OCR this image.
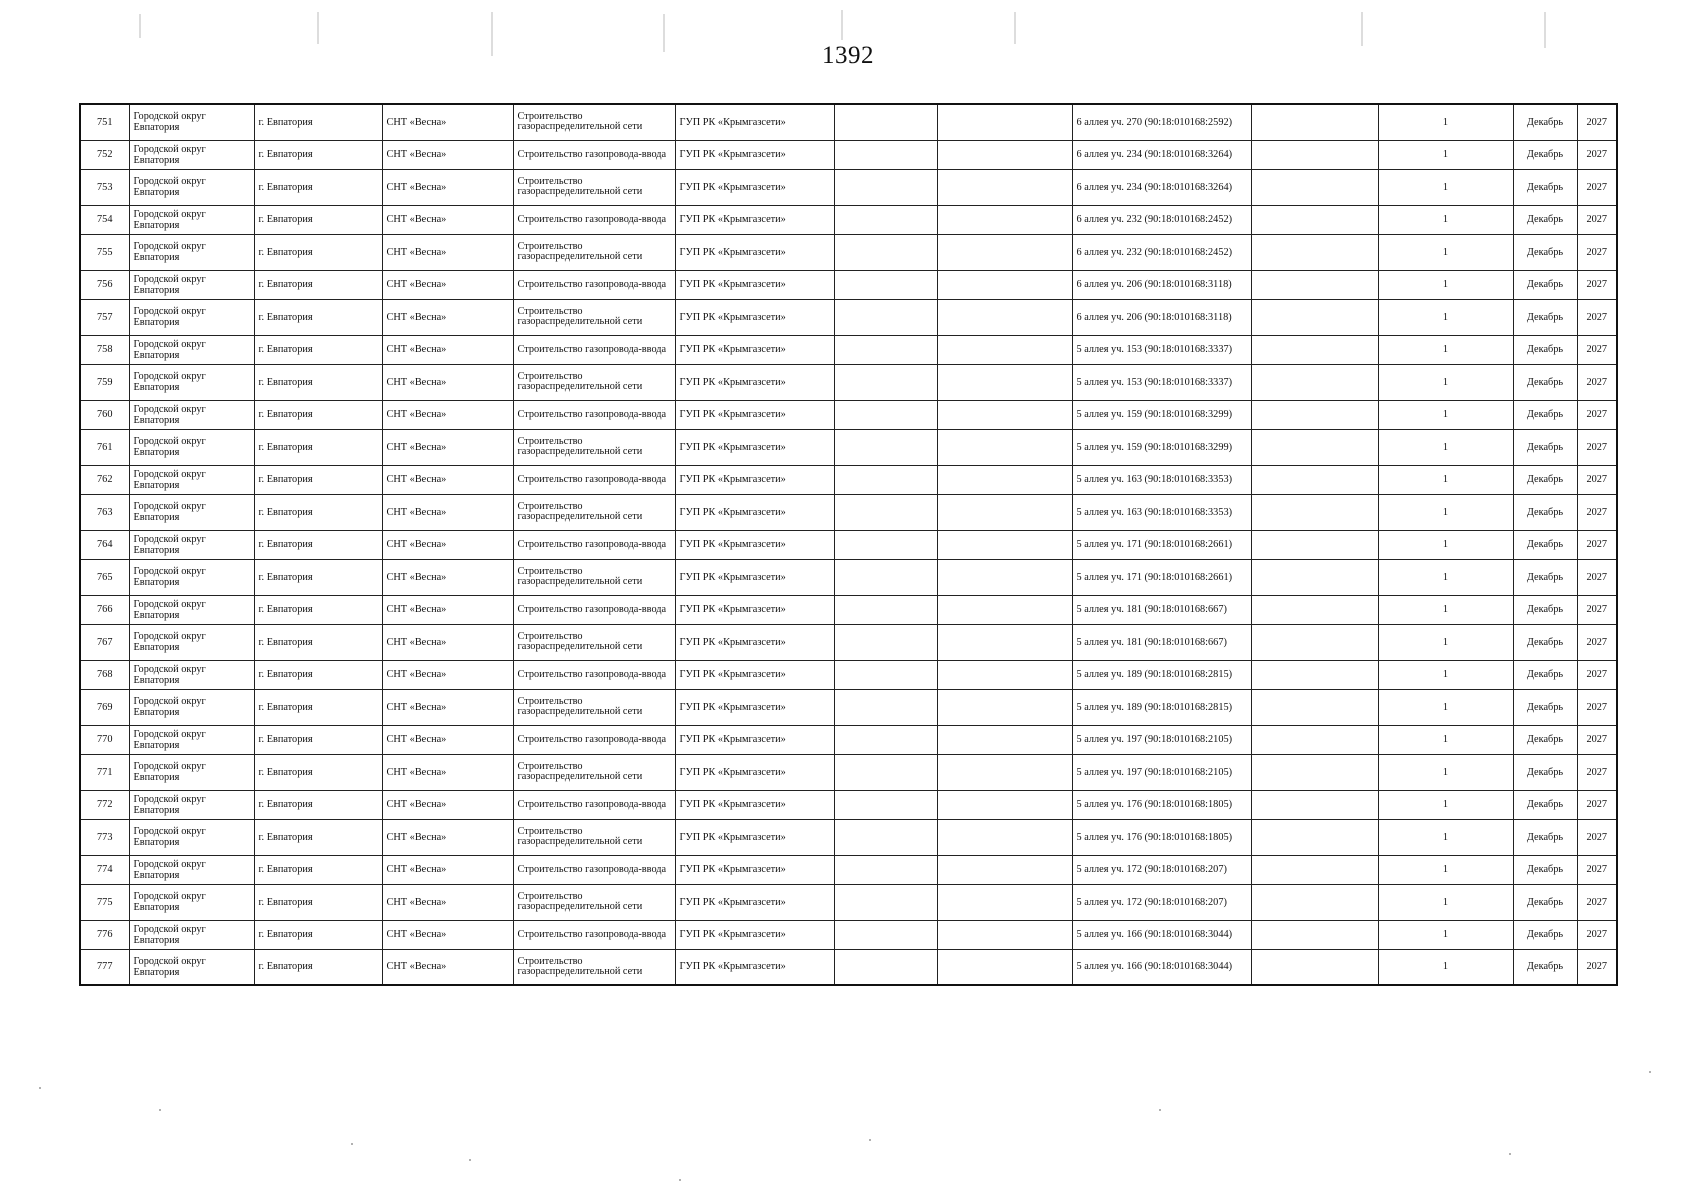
1392
751	Городской округ Евпатория	г. Евпатория	СНТ «Весна»	Строительство газораспределительной сети	ГУП РК «Крымгазсети»			6 аллея уч. 270 (90:18:010168:2592)		1	Декабрь	2027
752	Городской округ Евпатория	г. Евпатория	СНТ «Весна»	Строительство газопровода-ввода	ГУП РК «Крымгазсети»			6 аллея уч. 234 (90:18:010168:3264)		1	Декабрь	2027
753	Городской округ Евпатория	г. Евпатория	СНТ «Весна»	Строительство газораспределительной сети	ГУП РК «Крымгазсети»			6 аллея уч. 234 (90:18:010168:3264)		1	Декабрь	2027
754	Городской округ Евпатория	г. Евпатория	СНТ «Весна»	Строительство газопровода-ввода	ГУП РК «Крымгазсети»			6 аллея уч. 232 (90:18:010168:2452)		1	Декабрь	2027
755	Городской округ Евпатория	г. Евпатория	СНТ «Весна»	Строительство газораспределительной сети	ГУП РК «Крымгазсети»			6 аллея уч. 232 (90:18:010168:2452)		1	Декабрь	2027
756	Городской округ Евпатория	г. Евпатория	СНТ «Весна»	Строительство газопровода-ввода	ГУП РК «Крымгазсети»			6 аллея уч. 206 (90:18:010168:3118)		1	Декабрь	2027
757	Городской округ Евпатория	г. Евпатория	СНТ «Весна»	Строительство газораспределительной сети	ГУП РК «Крымгазсети»			6 аллея уч. 206 (90:18:010168:3118)		1	Декабрь	2027
758	Городской округ Евпатория	г. Евпатория	СНТ «Весна»	Строительство газопровода-ввода	ГУП РК «Крымгазсети»			5 аллея уч. 153 (90:18:010168:3337)		1	Декабрь	2027
759	Городской округ Евпатория	г. Евпатория	СНТ «Весна»	Строительство газораспределительной сети	ГУП РК «Крымгазсети»			5 аллея уч. 153 (90:18:010168:3337)		1	Декабрь	2027
760	Городской округ Евпатория	г. Евпатория	СНТ «Весна»	Строительство газопровода-ввода	ГУП РК «Крымгазсети»			5 аллея уч. 159 (90:18:010168:3299)		1	Декабрь	2027
761	Городской округ Евпатория	г. Евпатория	СНТ «Весна»	Строительство газораспределительной сети	ГУП РК «Крымгазсети»			5 аллея уч. 159 (90:18:010168:3299)		1	Декабрь	2027
762	Городской округ Евпатория	г. Евпатория	СНТ «Весна»	Строительство газопровода-ввода	ГУП РК «Крымгазсети»			5 аллея уч. 163 (90:18:010168:3353)		1	Декабрь	2027
763	Городской округ Евпатория	г. Евпатория	СНТ «Весна»	Строительство газораспределительной сети	ГУП РК «Крымгазсети»			5 аллея уч. 163 (90:18:010168:3353)		1	Декабрь	2027
764	Городской округ Евпатория	г. Евпатория	СНТ «Весна»	Строительство газопровода-ввода	ГУП РК «Крымгазсети»			5 аллея уч. 171 (90:18:010168:2661)		1	Декабрь	2027
765	Городской округ Евпатория	г. Евпатория	СНТ «Весна»	Строительство газораспределительной сети	ГУП РК «Крымгазсети»			5 аллея уч. 171 (90:18:010168:2661)		1	Декабрь	2027
766	Городской округ Евпатория	г. Евпатория	СНТ «Весна»	Строительство газопровода-ввода	ГУП РК «Крымгазсети»			5 аллея уч. 181 (90:18:010168:667)		1	Декабрь	2027
767	Городской округ Евпатория	г. Евпатория	СНТ «Весна»	Строительство газораспределительной сети	ГУП РК «Крымгазсети»			5 аллея уч. 181 (90:18:010168:667)		1	Декабрь	2027
768	Городской округ Евпатория	г. Евпатория	СНТ «Весна»	Строительство газопровода-ввода	ГУП РК «Крымгазсети»			5 аллея уч. 189 (90:18:010168:2815)		1	Декабрь	2027
769	Городской округ Евпатория	г. Евпатория	СНТ «Весна»	Строительство газораспределительной сети	ГУП РК «Крымгазсети»			5 аллея уч. 189 (90:18:010168:2815)		1	Декабрь	2027
770	Городской округ Евпатория	г. Евпатория	СНТ «Весна»	Строительство газопровода-ввода	ГУП РК «Крымгазсети»			5 аллея уч. 197 (90:18:010168:2105)		1	Декабрь	2027
771	Городской округ Евпатория	г. Евпатория	СНТ «Весна»	Строительство газораспределительной сети	ГУП РК «Крымгазсети»			5 аллея уч. 197 (90:18:010168:2105)		1	Декабрь	2027
772	Городской округ Евпатория	г. Евпатория	СНТ «Весна»	Строительство газопровода-ввода	ГУП РК «Крымгазсети»			5 аллея уч. 176 (90:18:010168:1805)		1	Декабрь	2027
773	Городской округ Евпатория	г. Евпатория	СНТ «Весна»	Строительство газораспределительной сети	ГУП РК «Крымгазсети»			5 аллея уч. 176 (90:18:010168:1805)		1	Декабрь	2027
774	Городской округ Евпатория	г. Евпатория	СНТ «Весна»	Строительство газопровода-ввода	ГУП РК «Крымгазсети»			5 аллея уч. 172 (90:18:010168:207)		1	Декабрь	2027
775	Городской округ Евпатория	г. Евпатория	СНТ «Весна»	Строительство газораспределительной сети	ГУП РК «Крымгазсети»			5 аллея уч. 172 (90:18:010168:207)		1	Декабрь	2027
776	Городской округ Евпатория	г. Евпатория	СНТ «Весна»	Строительство газопровода-ввода	ГУП РК «Крымгазсети»			5 аллея уч. 166 (90:18:010168:3044)		1	Декабрь	2027
777	Городской округ Евпатория	г. Евпатория	СНТ «Весна»	Строительство газораспределительной сети	ГУП РК «Крымгазсети»			5 аллея уч. 166 (90:18:010168:3044)		1	Декабрь	2027
